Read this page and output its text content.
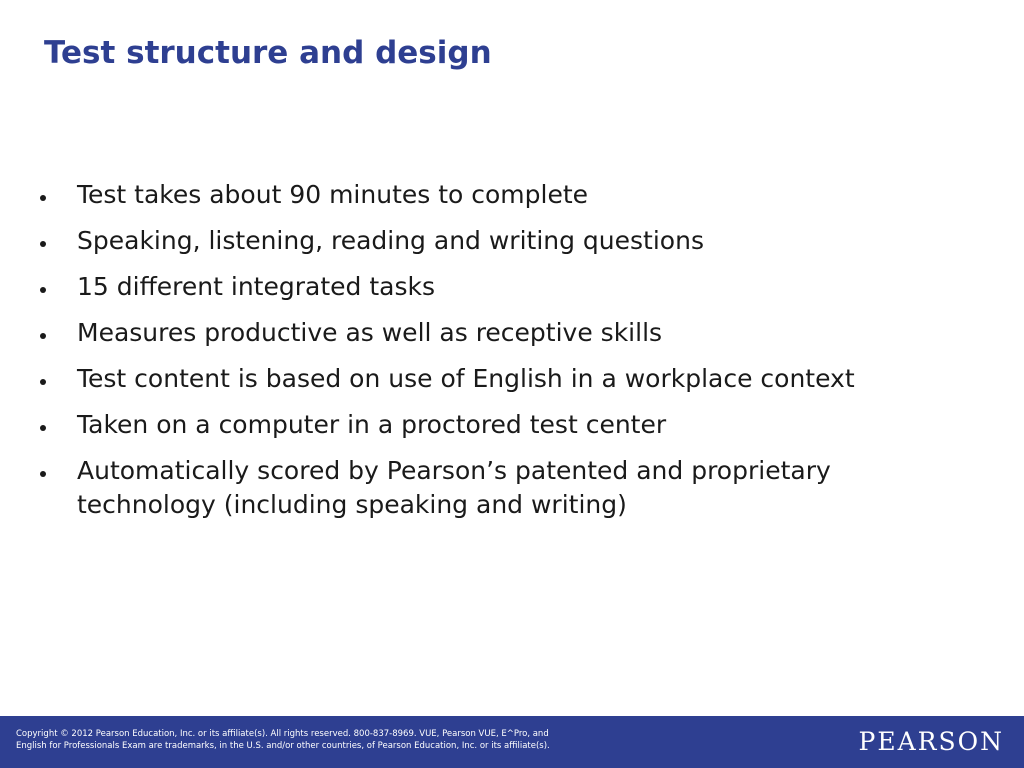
Test structure and design
Test takes about 90 minutes to complete
Speaking, listening, reading and writing questions
15 different integrated tasks
Measures productive as well as receptive skills
Test content is based on use of English in a workplace context
Taken on a computer in a proctored test center
Automatically scored by Pearson’s patented and proprietary technology (including speaking and writing)
Copyright © 2012 Pearson Education, Inc. or its affiliate(s). All rights reserved. 800-837-8969. VUE, Pearson VUE, E^Pro, and
English for Professionals Exam are trademarks, in the U.S. and/or other countries, of Pearson Education, Inc. or its affiliate(s).	PEARSON
